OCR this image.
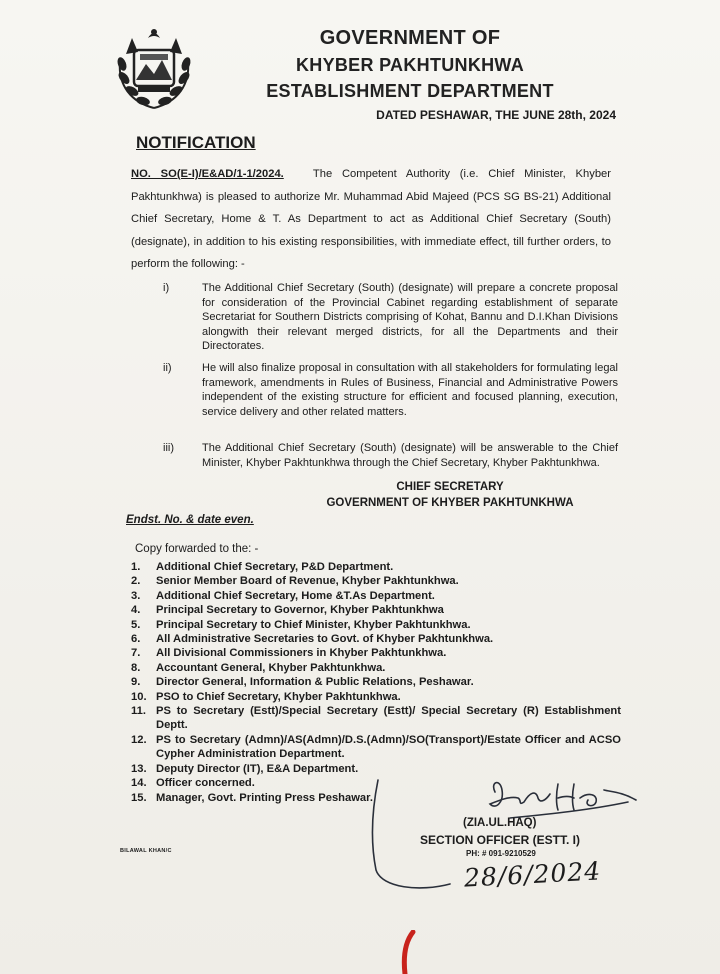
GOVERNMENT OF
KHYBER PAKHTUNKHWA
ESTABLISHMENT DEPARTMENT
DATED PESHAWAR, THE JUNE 28th, 2024
NOTIFICATION
NO. SO(E-I)/E&AD/1-1/2024.	The Competent Authority (i.e. Chief Minister, Khyber Pakhtunkhwa) is pleased to authorize Mr. Muhammad Abid Majeed (PCS SG BS-21) Additional Chief Secretary, Home & T. As Department to act as Additional Chief Secretary (South) (designate), in addition to his existing responsibilities, with immediate effect, till further orders, to perform the following: -
i)	The Additional Chief Secretary (South) (designate) will prepare a concrete proposal for consideration of the Provincial Cabinet regarding establishment of separate Secretariat for Southern Districts comprising of Kohat, Bannu and D.I.Khan Divisions alongwith their relevant merged districts, for all the Departments and their Directorates.
ii)	He will also finalize proposal in consultation with all stakeholders for formulating legal framework, amendments in Rules of Business, Financial and Administrative Powers independent of the existing structure for efficient and focused planning, execution, service delivery and other related matters.
iii)	The Additional Chief Secretary (South) (designate) will be answerable to the Chief Minister, Khyber Pakhtunkhwa through the Chief Secretary, Khyber Pakhtunkhwa.
CHIEF SECRETARY
GOVERNMENT OF KHYBER PAKHTUNKHWA
Endst. No. & date even.
Copy forwarded to the: -
1. Additional Chief Secretary, P&D Department.
2. Senior Member Board of Revenue, Khyber Pakhtunkhwa.
3. Additional Chief Secretary, Home &T.As Department.
4. Principal Secretary to Governor, Khyber Pakhtunkhwa
5. Principal Secretary to Chief Minister, Khyber Pakhtunkhwa.
6. All Administrative Secretaries to Govt. of Khyber Pakhtunkhwa.
7. All Divisional Commissioners in Khyber Pakhtunkhwa.
8. Accountant General, Khyber Pakhtunkhwa.
9. Director General, Information & Public Relations, Peshawar.
10. PSO to Chief Secretary, Khyber Pakhtunkhwa.
11. PS to Secretary (Estt)/Special Secretary (Estt)/ Special Secretary (R) Establishment Deptt.
12. PS to Secretary (Admn)/AS(Admn)/D.S.(Admn)/SO(Transport)/Estate Officer and ACSO Cypher Administration Department.
13. Deputy Director (IT), E&A Department.
14. Officer concerned.
15. Manager, Govt. Printing Press Peshawar.
(ZIA.UL.HAQ)
SECTION OFFICER (ESTT. I)
PH: # 091-9210529
BILAWAL KHAN/C
28/6/2024
